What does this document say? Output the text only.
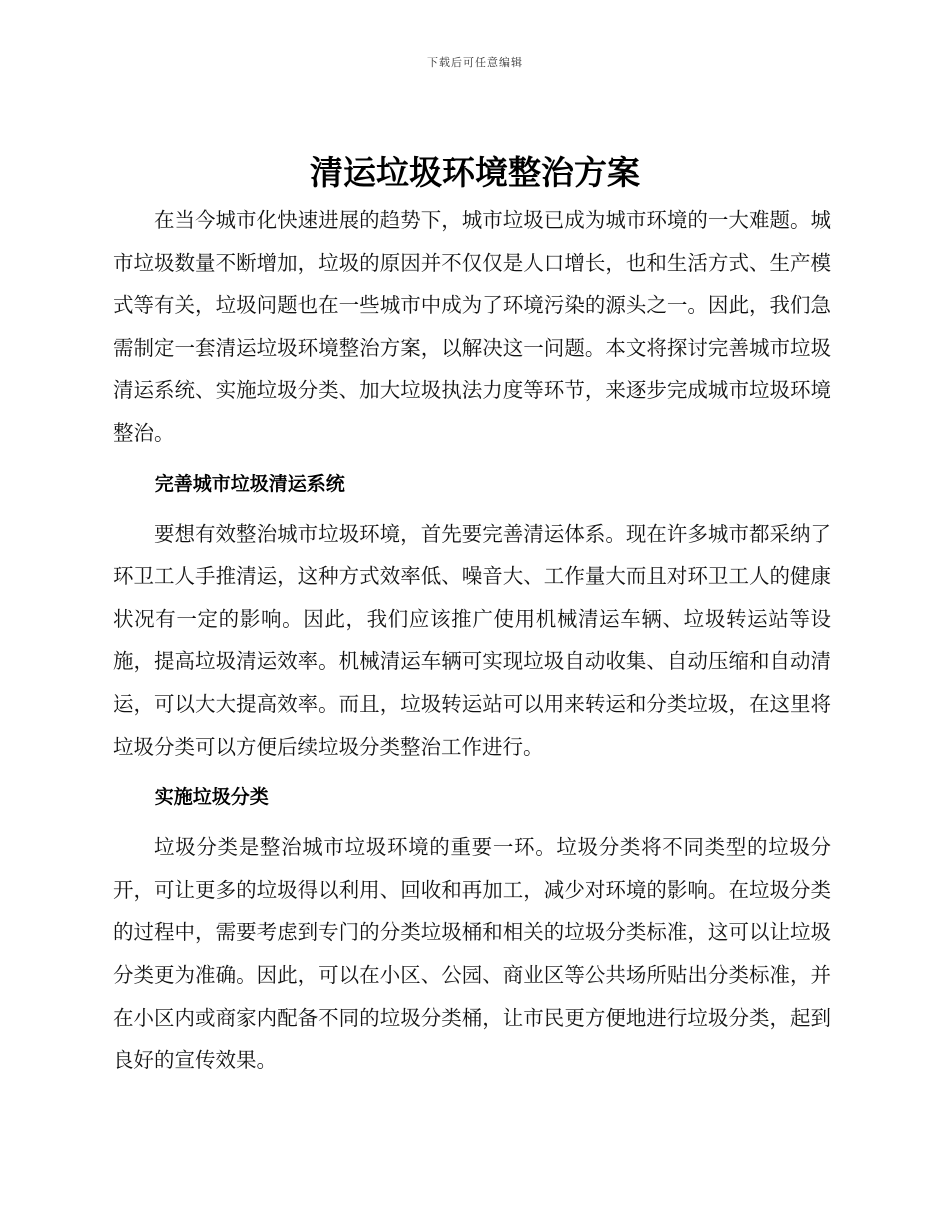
下载后可任意编辑
清运垃圾环境整治方案

在当今城市化快速进展的趋势下，城市垃圾已成为城市环境的一大难题。城市垃圾数量不断增加，垃圾的原因并不仅仅是人口增长，也和生活方式、生产模式等有关，垃圾问题也在一些城市中成为了环境污染的源头之一。因此，我们急需制定一套清运垃圾环境整治方案，以解决这一问题。本文将探讨完善城市垃圾清运系统、实施垃圾分类、加大垃圾执法力度等环节，来逐步完成城市垃圾环境整治。

完善城市垃圾清运系统

要想有效整治城市垃圾环境，首先要完善清运体系。现在许多城市都采纳了环卫工人手推清运，这种方式效率低、噪音大、工作量大而且对环卫工人的健康状况有一定的影响。因此，我们应该推广使用机械清运车辆、垃圾转运站等设施，提高垃圾清运效率。机械清运车辆可实现垃圾自动收集、自动压缩和自动清运，可以大大提高效率。而且，垃圾转运站可以用来转运和分类垃圾，在这里将垃圾分类可以方便后续垃圾分类整治工作进行。

实施垃圾分类

垃圾分类是整治城市垃圾环境的重要一环。垃圾分类将不同类型的垃圾分开，可让更多的垃圾得以利用、回收和再加工，减少对环境的影响。在垃圾分类的过程中，需要考虑到专门的分类垃圾桶和相关的垃圾分类标准，这可以让垃圾分类更为准确。因此，可以在小区、公园、商业区等公共场所贴出分类标准，并在小区内或商家内配备不同的垃圾分类桶，让市民更方便地进行垃圾分类，起到良好的宣传效果。
